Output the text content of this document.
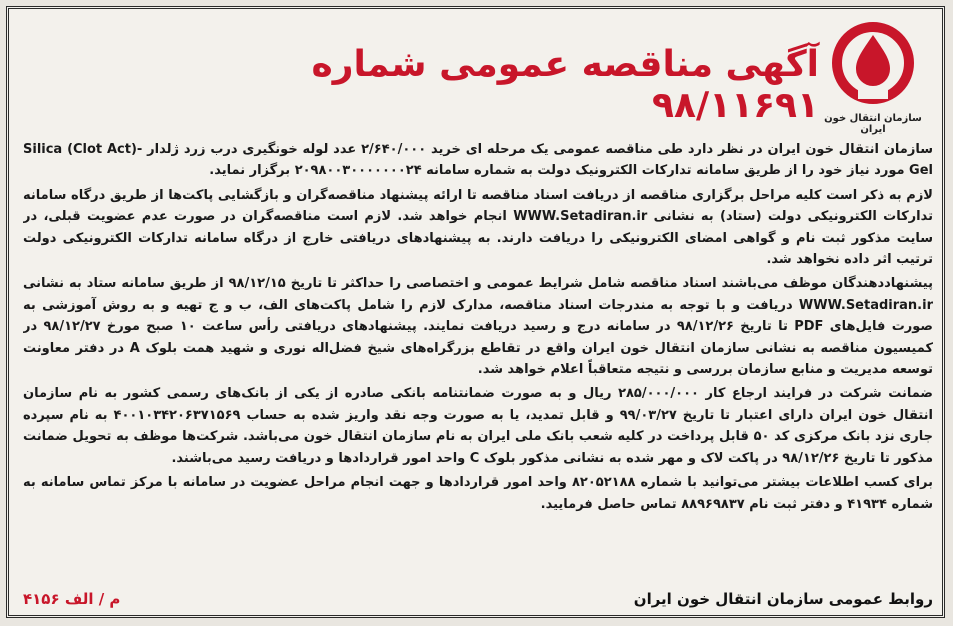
سازمان انتقال خون ایران
آگهی مناقصه عمومی شماره ۹۸/۱۱۶۹۱

سازمان انتقال خون ایران در نظر دارد طی مناقصه عمومی یک مرحله ای خرید ۲/۶۴۰/۰۰۰ عدد لوله خونگیری درب زرد ژلدار Silica (Clot Act)- Gel مورد نیاز خود را از طریق سامانه تدارکات الکترونیک دولت به شماره سامانه ۲۰۹۸۰۰۳۰۰۰۰۰۰۰۲۴ برگزار نماید.

لازم به ذکر است کلیه مراحل برگزاری مناقصه از دریافت اسناد مناقصه تا ارائه پیشنهاد مناقصه‌گران و بازگشایی پاکت‌ها از طریق درگاه سامانه تدارکات الکترونیکی دولت (ستاد) به نشانی WWW.Setadiran.ir انجام خواهد شد. لازم است مناقصه‌گران در صورت عدم عضویت قبلی، در سایت مذکور ثبت نام و گواهی امضای الکترونیکی را دریافت دارند. به پیشنهادهای دریافتی خارج از درگاه سامانه تدارکات الکترونیکی دولت ترتیب اثر داده نخواهد شد.

پیشنهاددهندگان موظف می‌باشند اسناد مناقصه شامل شرایط عمومی و اختصاصی را حداکثر تا تاریخ ۹۸/۱۲/۱۵ از طریق سامانه ستاد به نشانی WWW.Setadiran.ir دریافت و با توجه به مندرجات اسناد مناقصه، مدارک لازم را شامل پاکت‌های الف، ب و ج تهیه و به روش آموزشی به صورت فایل‌های PDF تا تاریخ ۹۸/۱۲/۲۶ در سامانه درج و رسید دریافت نمایند. پیشنهادهای دریافتی رأس ساعت ۱۰ صبح مورخ ۹۸/۱۲/۲۷ در کمیسیون مناقصه به نشانی سازمان انتقال خون ایران واقع در تقاطع بزرگراه‌های شیخ فضل‌اله نوری و شهید همت بلوک A در دفتر معاونت توسعه مدیریت و منابع سازمان بررسی و نتیجه متعاقباً اعلام خواهد شد.

ضمانت شرکت در فرایند ارجاع کار ۲۸۵/۰۰۰/۰۰۰ ریال و به صورت ضمانتنامه بانکی صادره از یکی از بانک‌های رسمی کشور به نام سازمان انتقال خون ایران دارای اعتبار تا تاریخ ۹۹/۰۳/۲۷ و قابل تمدید، یا به صورت وجه نقد واریز شده به حساب ۴۰۰۱۰۳۴۲۰۶۳۷۱۵۶۹ به نام سپرده جاری نزد بانک مرکزی کد ۵۰ قابل پرداخت در کلیه شعب بانک ملی ایران به نام سازمان انتقال خون می‌باشد. شرکت‌ها موظف به تحویل ضمانت مذکور تا تاریخ ۹۸/۱۲/۲۶ در پاکت لاک و مهر شده به نشانی مذکور بلوک C واحد امور قراردادها و دریافت رسید می‌باشند.

برای کسب اطلاعات بیشتر می‌توانید با شماره ۸۲۰۵۲۱۸۸ واحد امور قراردادها و جهت انجام مراحل عضویت در سامانه با مرکز تماس سامانه به شماره ۴۱۹۳۴ و دفتر ثبت نام ۸۸۹۶۹۸۳۷ تماس حاصل فرمایید.

روابط عمومی سازمان انتقال خون ایران
م / الف ۴۱۵۶
